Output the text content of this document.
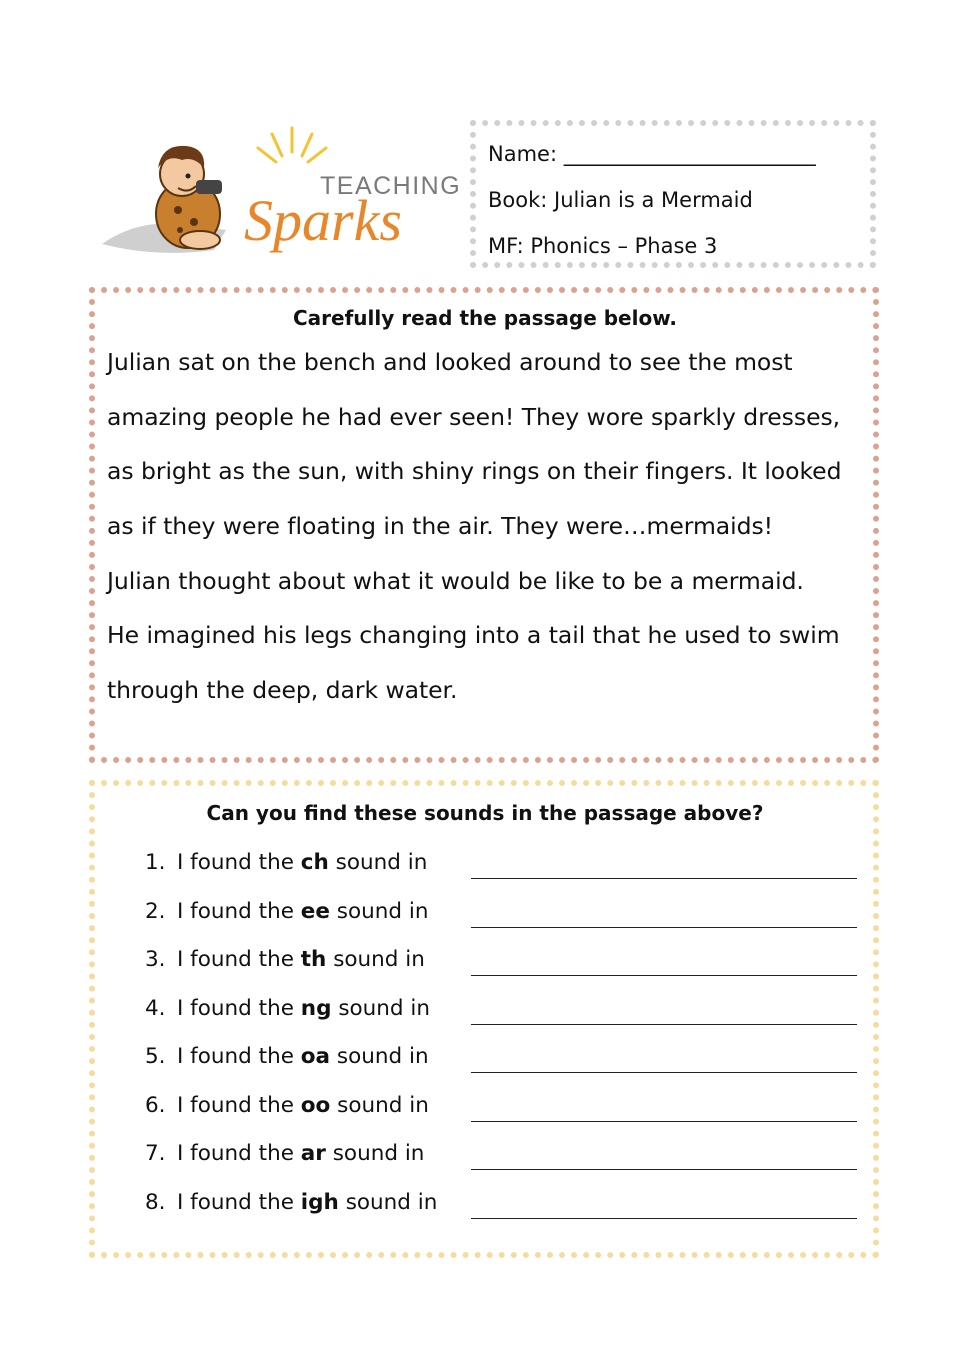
TEACHING
Sparks
Name: ________________________
Book: Julian is a Mermaid
MF: Phonics – Phase 3
Carefully read the passage below.
Julian sat on the bench and looked around to see the most
amazing people he had ever seen! They wore sparkly dresses,
as bright as the sun, with shiny rings on their fingers. It looked
as if they were floating in the air. They were…mermaids!
Julian thought about what it would be like to be a mermaid.
He imagined his legs changing into a tail that he used to swim
through the deep, dark water.
Can you find these sounds in the passage above?
1. I found the ch sound in
2. I found the ee sound in
3. I found the th sound in
4. I found the ng sound in
5. I found the oa sound in
6. I found the oo sound in
7. I found the ar sound in
8. I found the igh sound in
